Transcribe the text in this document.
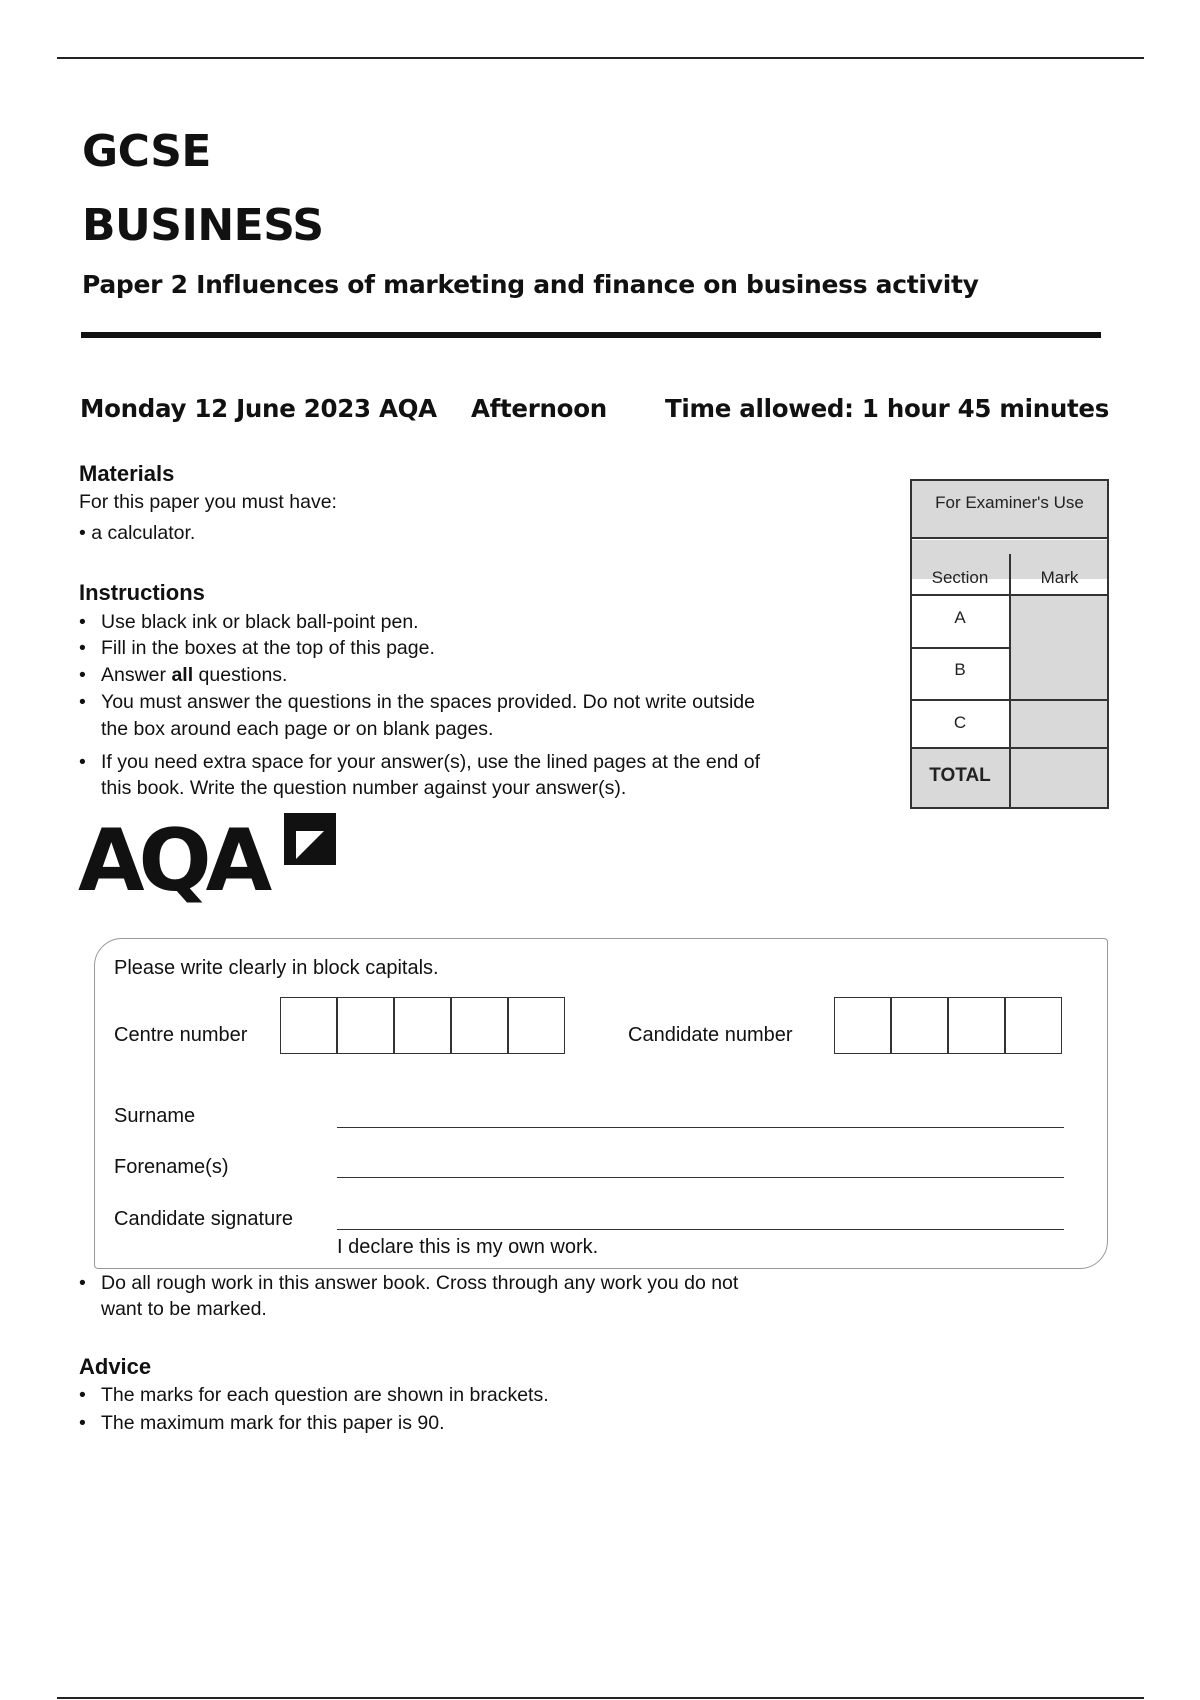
GCSE
BUSINESS
Paper 2 Influences of marketing and finance on business activity
Monday 12 June 2023 AQA Afternoon Time allowed: 1 hour 45 minutes
Materials
For this paper you must have:
• a calculator.
Instructions
• Use black ink or black ball-point pen.
• Fill in the boxes at the top of this page.
• Answer all questions.
• You must answer the questions in the spaces provided. Do not write outside
the box around each page or on blank pages.
• If you need extra space for your answer(s), use the lined pages at the end of
this book. Write the question number against your answer(s).
AQA
For Examiner's Use
Section	Mark
A
B
C
TOTAL
Please write clearly in block capitals.
Centre number	Candidate number
Surname
Forename(s)
Candidate signature
I declare this is my own work.
• Do all rough work in this answer book. Cross through any work you do not
want to be marked.
Advice
• The marks for each question are shown in brackets.
• The maximum mark for this paper is 90.
